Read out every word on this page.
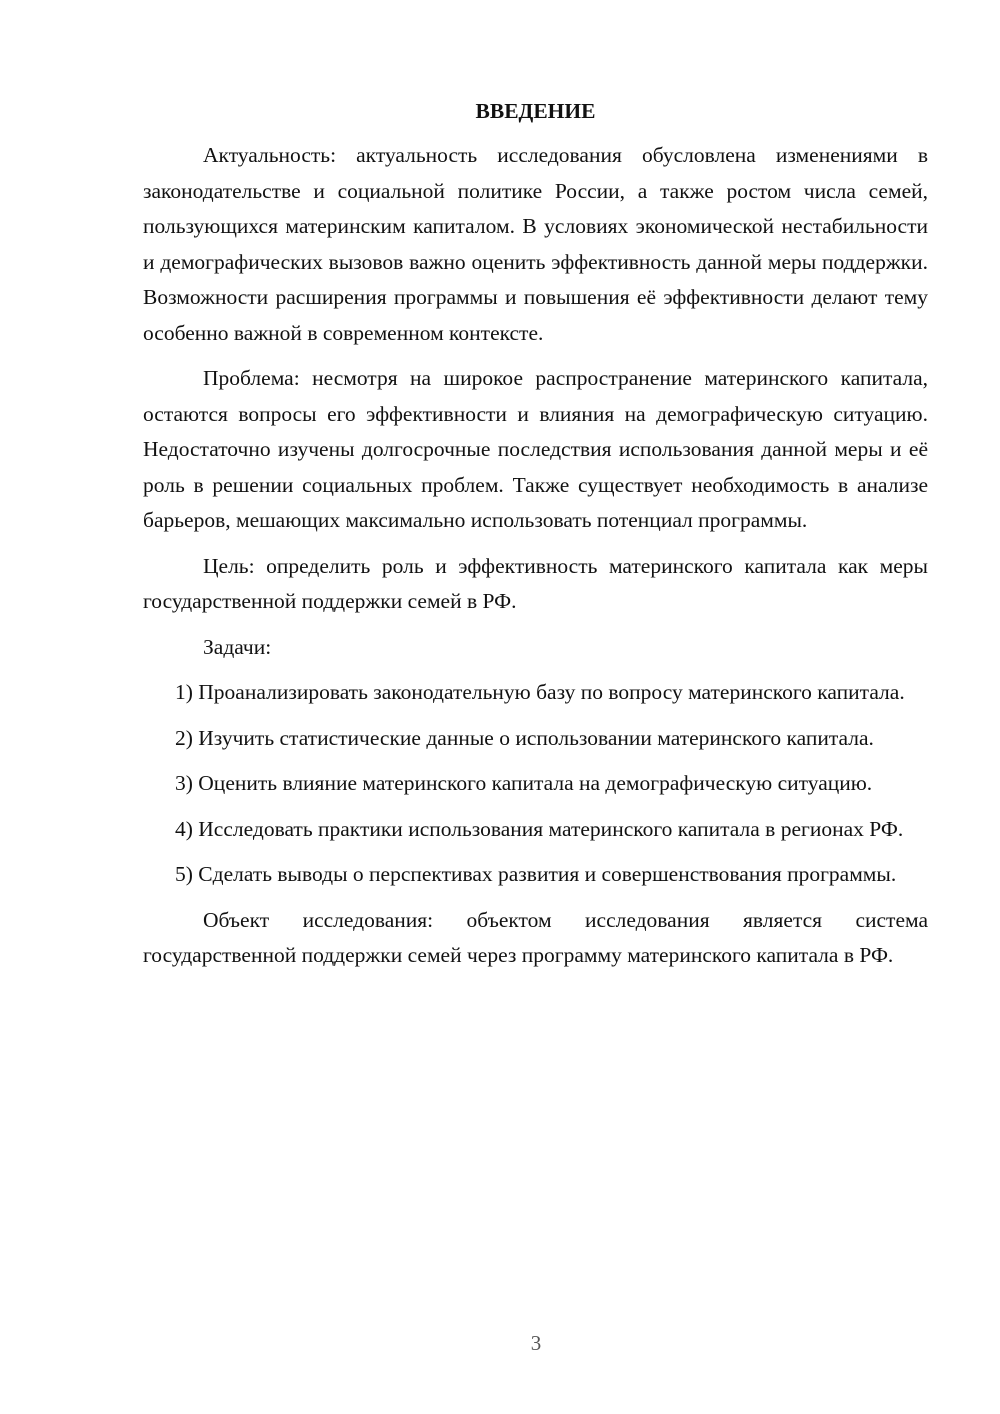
ВВЕДЕНИЕ

Актуальность: актуальность исследования обусловлена изменениями в законодательстве и социальной политике России, а также ростом числа семей, пользующихся материнским капиталом. В условиях экономической нестабильности и демографических вызовов важно оценить эффективность данной меры поддержки. Возможности расширения программы и повышения её эффективности делают тему особенно важной в современном контексте.

Проблема: несмотря на широкое распространение материнского капитала, остаются вопросы его эффективности и влияния на демографическую ситуацию. Недостаточно изучены долгосрочные последствия использования данной меры и её роль в решении социальных проблем. Также существует необходимость в анализе барьеров, мешающих максимально использовать потенциал программы.

Цель: определить роль и эффективность материнского капитала как меры государственной поддержки семей в РФ.

Задачи:

1) Проанализировать законодательную базу по вопросу материнского капитала.

2) Изучить статистические данные о использовании материнского капитала.

3) Оценить влияние материнского капитала на демографическую ситуацию.

4) Исследовать практики использования материнского капитала в регионах РФ.

5) Сделать выводы о перспективах развития и совершенствования программы.

Объект исследования: объектом исследования является система государственной поддержки семей через программу материнского капитала в РФ.

3
